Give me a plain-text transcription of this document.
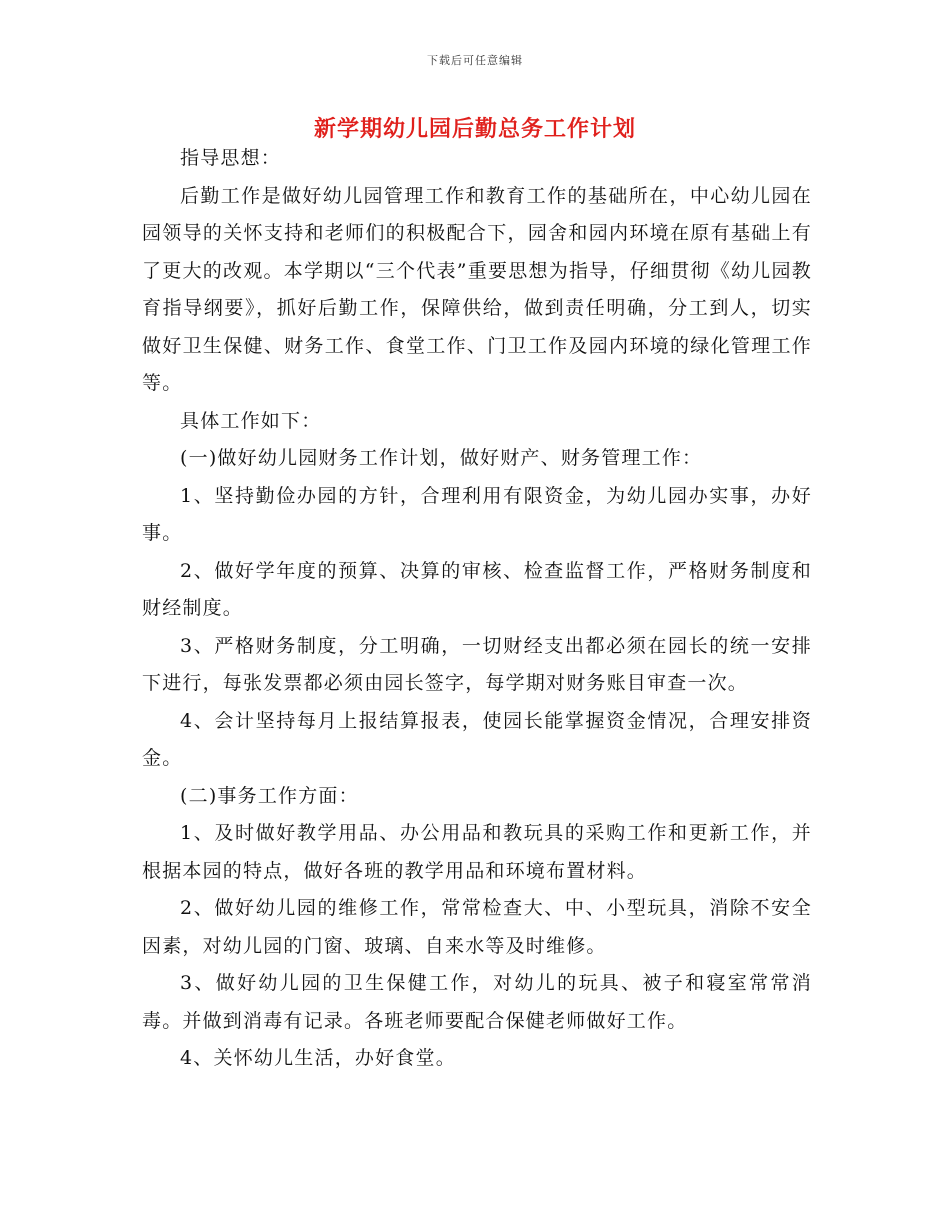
下载后可任意编辑
新学期幼儿园后勤总务工作计划

指导思想：

后勤工作是做好幼儿园管理工作和教育工作的基础所在，中心幼儿园在园领导的关怀支持和老师们的积极配合下，园舍和园内环境在原有基础上有了更大的改观。本学期以“三个代表”重要思想为指导，仔细贯彻《幼儿园教育指导纲要》，抓好后勤工作，保障供给，做到责任明确，分工到人，切实做好卫生保健、财务工作、食堂工作、门卫工作及园内环境的绿化管理工作等。

具体工作如下：

(一)做好幼儿园财务工作计划，做好财产、财务管理工作：

1、坚持勤俭办园的方针，合理利用有限资金，为幼儿园办实事，办好事。

2、做好学年度的预算、决算的审核、检查监督工作，严格财务制度和财经制度。

3、严格财务制度，分工明确，一切财经支出都必须在园长的统一安排下进行，每张发票都必须由园长签字，每学期对财务账目审查一次。

4、会计坚持每月上报结算报表，使园长能掌握资金情况，合理安排资金。

(二)事务工作方面：

1、及时做好教学用品、办公用品和教玩具的采购工作和更新工作，并根据本园的特点，做好各班的教学用品和环境布置材料。

2、做好幼儿园的维修工作，常常检查大、中、小型玩具，消除不安全因素，对幼儿园的门窗、玻璃、自来水等及时维修。

3、做好幼儿园的卫生保健工作，对幼儿的玩具、被子和寝室常常消毒。并做到消毒有记录。各班老师要配合保健老师做好工作。

4、关怀幼儿生活，办好食堂。
